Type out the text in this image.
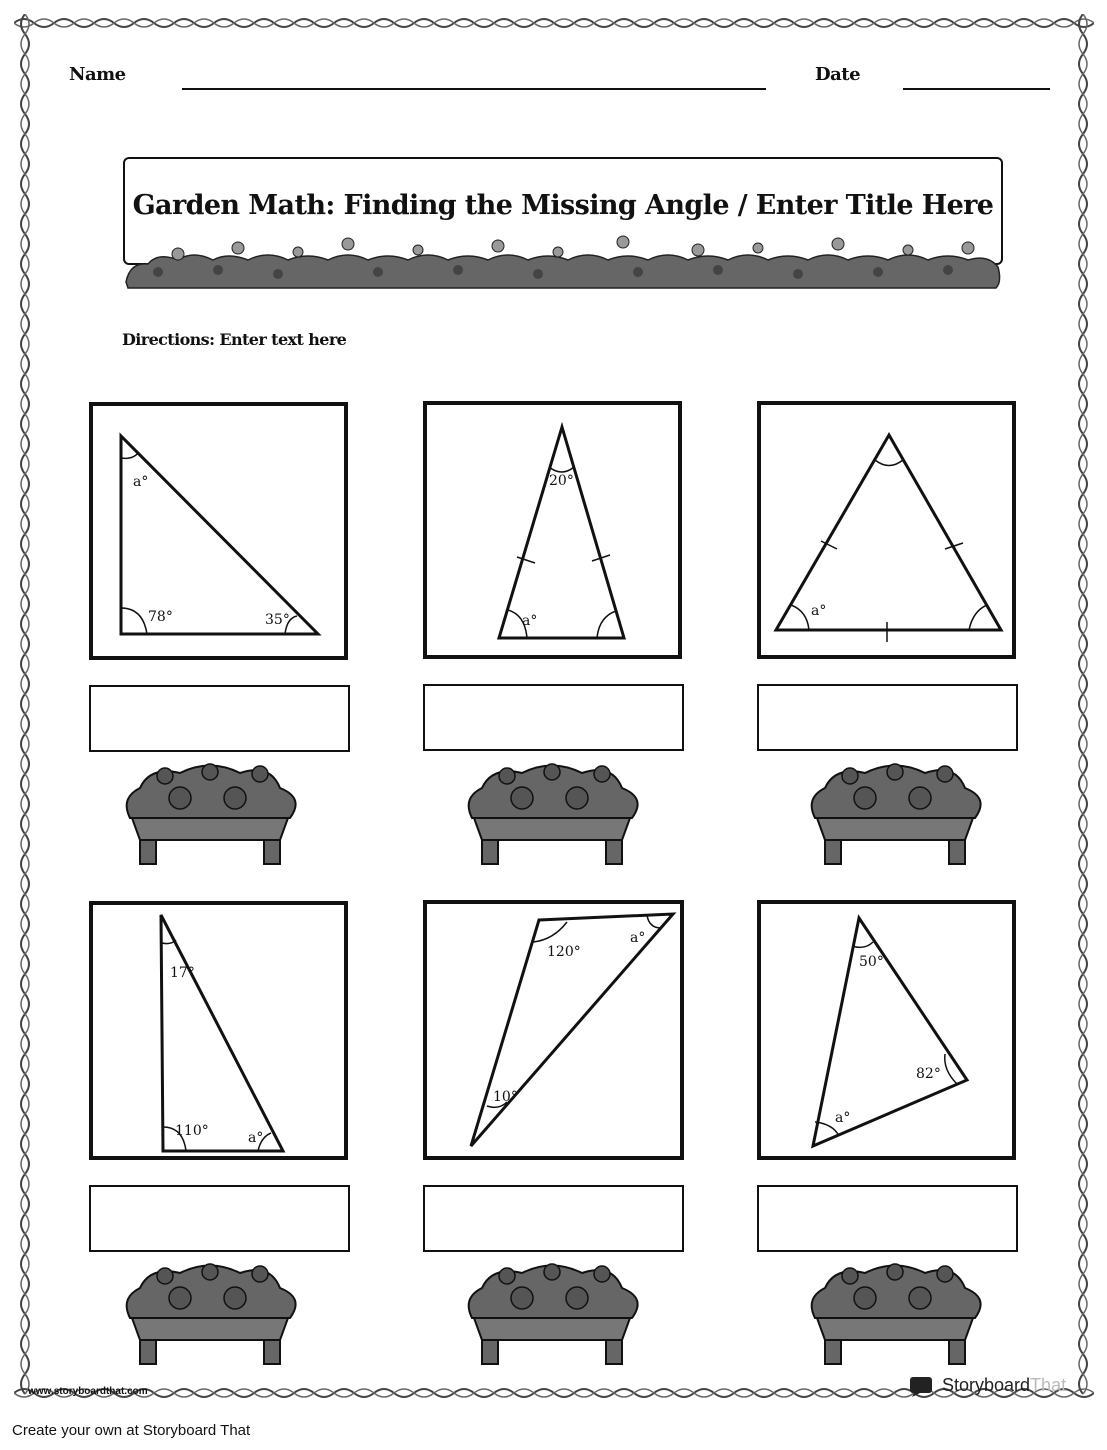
Name	Date
Garden Math: Finding the Missing Angle / Enter Title Here
Directions: Enter text here
a°
78°	35°
20°
a°
a°
17°
110°	a°
120°
a°
10°
50°
82°
a°
www.storyboardthat.com	StoryboardThat
Create your own at Storyboard That
